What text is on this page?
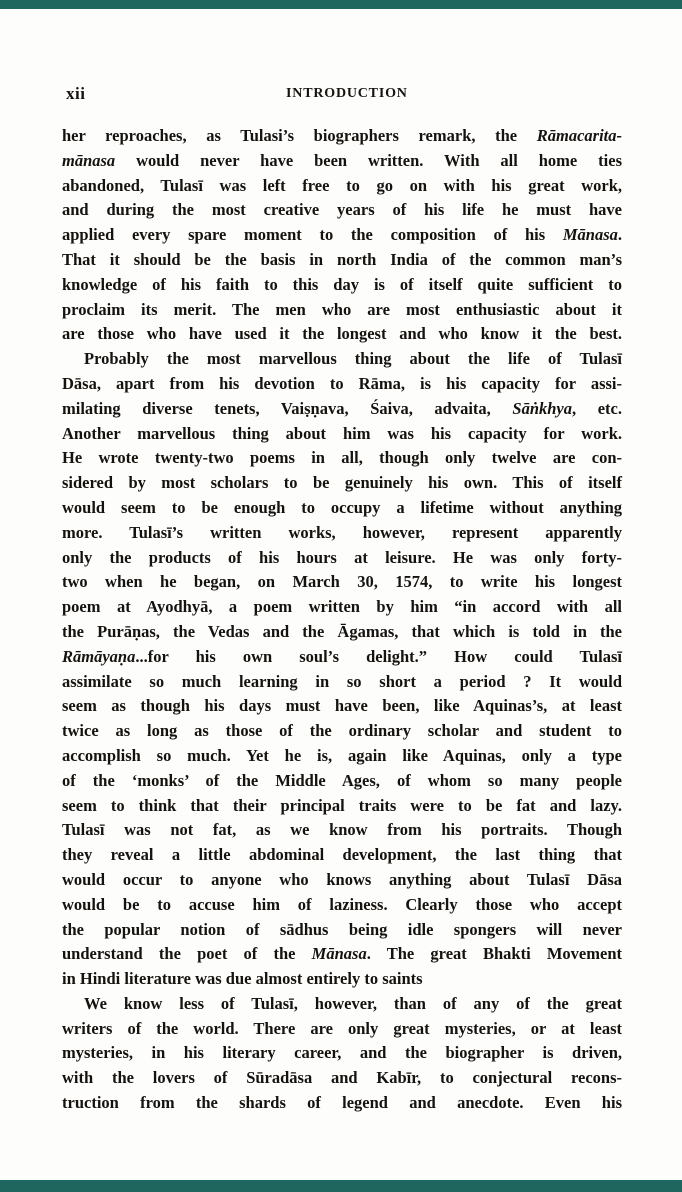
xii	INTRODUCTION
her reproaches, as Tulasi’s biographers remark, the Rāmacarita-
mānasa would never have been written. With all home ties
abandoned, Tulasī was left free to go on with his great work,
and during the most creative years of his life he must have
applied every spare moment to the composition of his Mānasa.
That it should be the basis in north India of the common man’s
knowledge of his faith to this day is of itself quite sufficient to
proclaim its merit. The men who are most enthusiastic about it
are those who have used it the longest and who know it the best.
Probably the most marvellous thing about the life of Tulasī
Dāsa, apart from his devotion to Rāma, is his capacity for assi-
milating diverse tenets, Vaiṣṇava, Śaiva, advaita, Sāṅkhya, etc.
Another marvellous thing about him was his capacity for work.
He wrote twenty-two poems in all, though only twelve are con-
sidered by most scholars to be genuinely his own. This of itself
would seem to be enough to occupy a lifetime without anything
more. Tulasī’s written works, however, represent apparently
only the products of his hours at leisure. He was only forty-
two when he began, on March 30, 1574, to write his longest
poem at Ayodhyā, a poem written by him “in accord with all
the Purāṇas, the Vedas and the Āgamas, that which is told in the
Rāmāyaṇa...for his own soul’s delight.” How could Tulasī
assimilate so much learning in so short a period ? It would
seem as though his days must have been, like Aquinas’s, at least
twice as long as those of the ordinary scholar and student to
accomplish so much. Yet he is, again like Aquinas, only a type
of the ‘monks’ of the Middle Ages, of whom so many people
seem to think that their principal traits were to be fat and lazy.
Tulasī was not fat, as we know from his portraits. Though
they reveal a little abdominal development, the last thing that
would occur to anyone who knows anything about Tulasī Dāsa
would be to accuse him of laziness. Clearly those who accept
the popular notion of sādhus being idle spongers will never
understand the poet of the Mānasa. The great Bhakti Movement
in Hindi literature was due almost entirely to saints
We know less of Tulasī, however, than of any of the great
writers of the world. There are only great mysteries, or at least
mysteries, in his literary career, and the biographer is driven,
with the lovers of Sūradāsa and Kabīr, to conjectural recons-
truction from the shards of legend and anecdote. Even his
